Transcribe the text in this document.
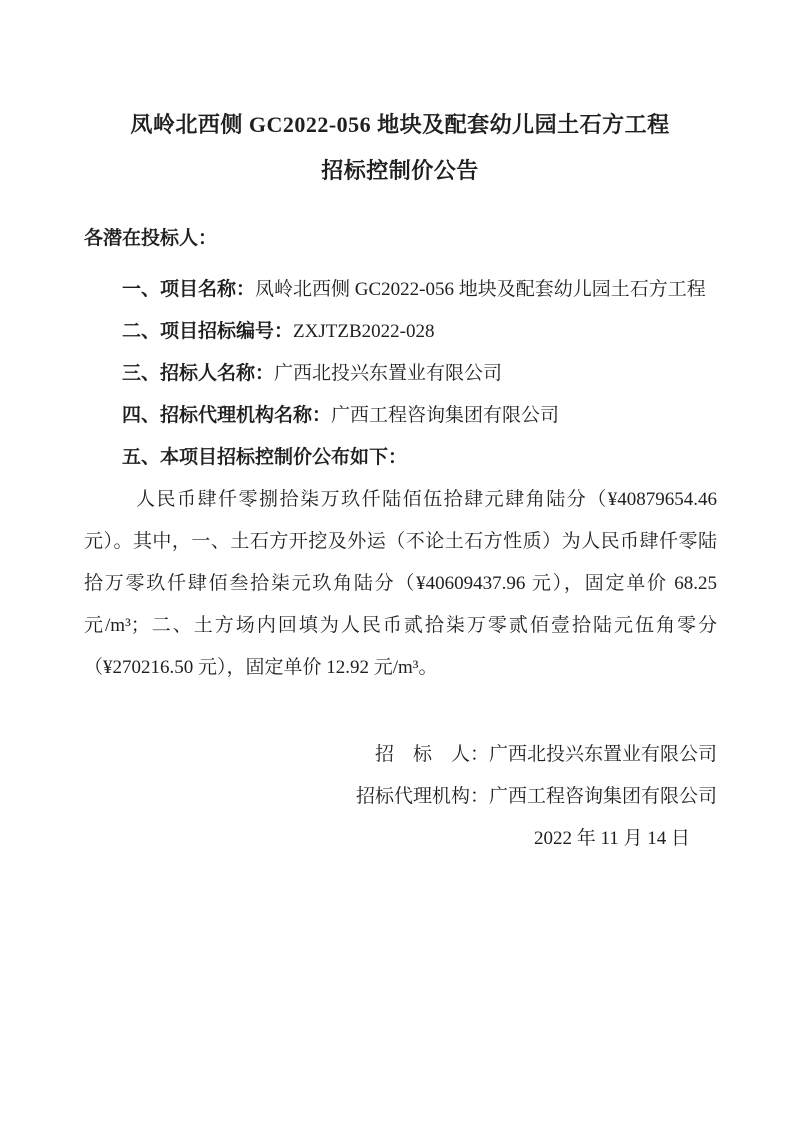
凤岭北西侧 GC2022-056 地块及配套幼儿园土石方工程
招标控制价公告
各潜在投标人：
一、项目名称：凤岭北西侧 GC2022-056 地块及配套幼儿园土石方工程
二、项目招标编号：ZXJTZB2022-028
三、招标人名称：广西北投兴东置业有限公司
四、招标代理机构名称：广西工程咨询集团有限公司
五、本项目招标控制价公布如下：

人民币肆仟零捌拾柒万玖仟陆佰伍拾肆元肆角陆分（¥40879654.46 元）。其中，一、土石方开挖及外运（不论土石方性质）为人民币肆仟零陆拾万零玖仟肆佰叁拾柒元玖角陆分（¥40609437.96 元），固定单价 68.25 元/m³；二、土方场内回填为人民币贰拾柒万零贰佰壹拾陆元伍角零分（¥270216.50 元），固定单价 12.92 元/m³。

招　标　人：广西北投兴东置业有限公司
招标代理机构：广西工程咨询集团有限公司
2022 年 11 月 14 日
